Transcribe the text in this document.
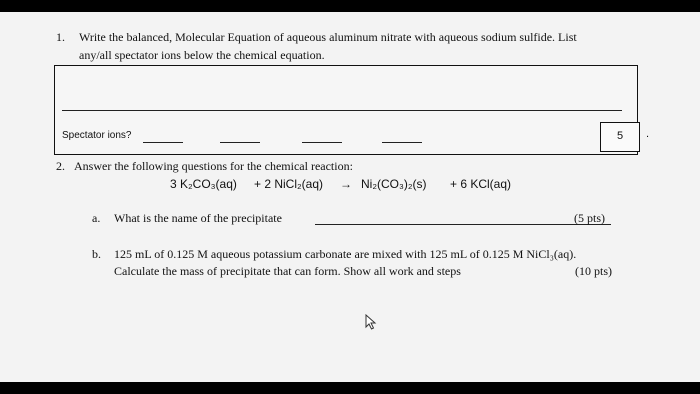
1. Write the balanced, Molecular Equation of aqueous aluminum nitrate with aqueous sodium sulfide. List
any/all spectator ions below the chemical equation.
Spectator ions?	5	.
2. Answer the following questions for the chemical reaction:
3 K₂CO₃(aq) + 2 NiCl₂(aq) → Ni₂(CO₃)₂(s) + 6 KCl(aq)
a. What is the name of the precipitate	(5 pts)
b. 125 mL of 0.125 M aqueous potassium carbonate are mixed with 125 mL of 0.125 M NiCl₃(aq).
Calculate the mass of precipitate that can form. Show all work and steps	(10 pts)
